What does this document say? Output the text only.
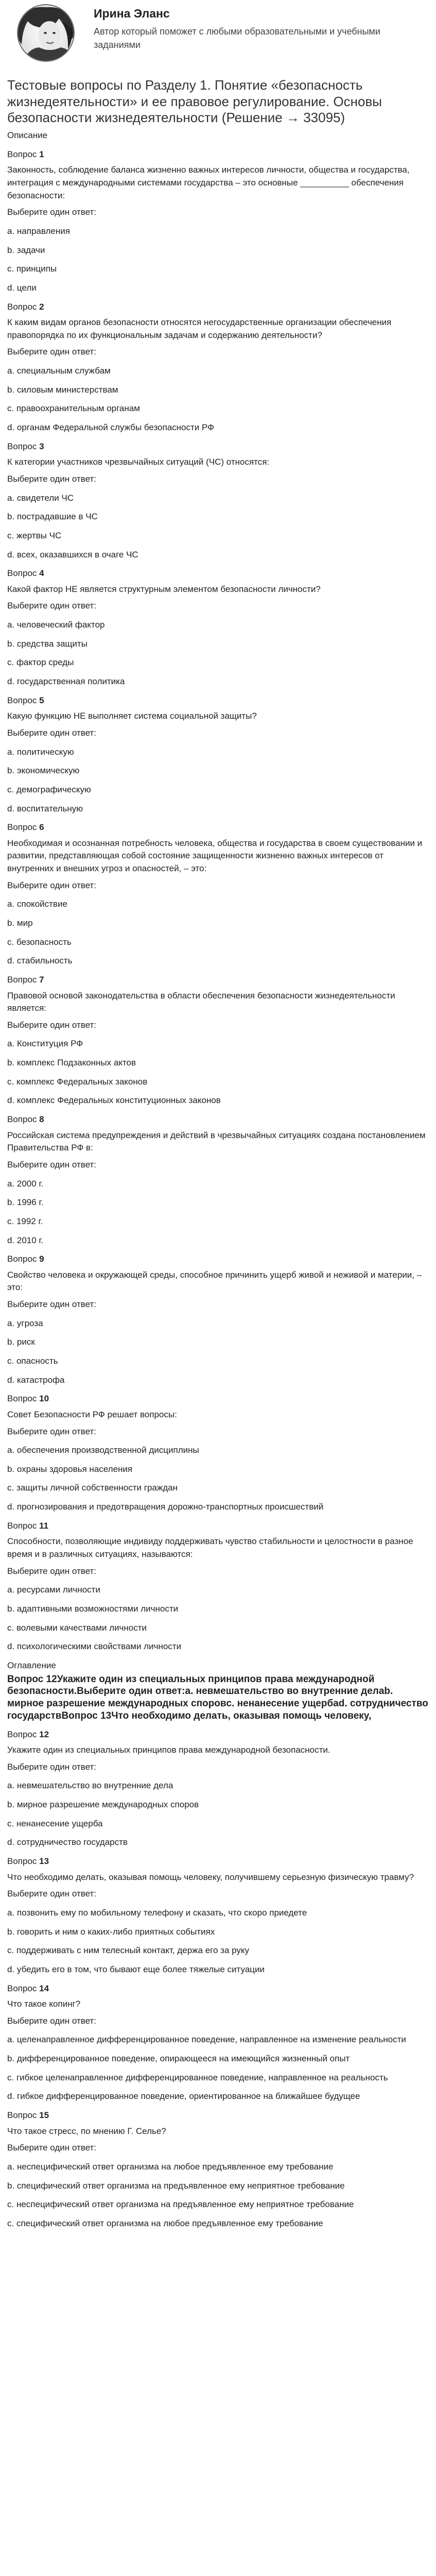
Ирина Эланс
Автор который поможет с любыми образовательными и учебными заданиями
Тестовые вопросы по Разделу 1. Понятие «безопасность жизнедеятельности» и ее правовое регулирование. Основы безопасности жизнедеятельности (Решение → 33095)
Описание
Вопрос 1
Законность, соблюдение баланса жизненно важных интересов личности, общества и государства, интеграция с международными системами государства – это основные __________ обеспечения безопасности:
Выберите один ответ:
a. направления
b. задачи
c. принципы
d. цели
Вопрос 2
К каким видам органов безопасности относятся негосударственные организации обеспечения правопорядка по их функциональным задачам и содержанию деятельности?
Выберите один ответ:
a. специальным службам
b. силовым министерствам
c. правоохранительным органам
d. органам Федеральной службы безопасности РФ
Вопрос 3
К категории участников чрезвычайных ситуаций (ЧС) относятся:
Выберите один ответ:
a. свидетели ЧС
b. пострадавшие в ЧС
c. жертвы ЧС
d. всех, оказавшихся в очаге ЧС
Вопрос 4
Какой фактор НЕ является структурным элементом безопасности личности?
Выберите один ответ:
a. человеческий фактор
b. средства защиты
c. фактор среды
d. государственная политика
Вопрос 5
Какую функцию НЕ выполняет система социальной защиты?
Выберите один ответ:
a. политическую
b. экономическую
c. демографическую
d. воспитательную
Вопрос 6
Необходимая и осознанная потребность человека, общества и государства в своем существовании и развитии, представляющая собой состояние защищенности жизненно важных интересов от внутренних и внешних угроз и опасностей, – это:
Выберите один ответ:
a. спокойствие
b. мир
c. безопасность
d. стабильность
Вопрос 7
Правовой основой законодательства в области обеспечения безопасности жизнедеятельности является:
Выберите один ответ:
a. Конституция РФ
b. комплекс Подзаконных актов
c. комплекс Федеральных законов
d. комплекс Федеральных конституционных законов
Вопрос 8
Российская система предупреждения и действий в чрезвычайных ситуациях создана постановлением Правительства РФ в:
Выберите один ответ:
a. 2000 г.
b. 1996 г.
c. 1992 г.
d. 2010 г.
Вопрос 9
Свойство человека и окружающей среды, способное причинить ущерб живой и неживой и материи, – это:
Выберите один ответ:
a. угроза
b. риск
c. опасность
d. катастрофа
Вопрос 10
Совет Безопасности РФ решает вопросы:
Выберите один ответ:
a. обеспечения производственной дисциплины
b. охраны здоровья населения
c. защиты личной собственности граждан
d. прогнозирования и предотвращения дорожно-транспортных происшествий
Вопрос 11
Способности, позволяющие индивиду поддерживать чувство стабильности и целостности в разное время и в различных ситуациях, называются:
Выберите один ответ:
a. ресурсами личности
b. адаптивными возможностями личности
c. волевыми качествами личности
d. психологическими свойствами личности
Оглавление
Вопрос 12Укажите один из специальных принципов права международной безопасности.Выберите один ответ:a. невмешательство во внутренние делаb. мирное разрешение международных споровc. ненанесение ущербаd. сотрудничество государствВопрос 13Что необходимо делать, оказывая помощь человеку,
Вопрос 12
Укажите один из специальных принципов права международной безопасности.
Выберите один ответ:
a. невмешательство во внутренние дела
b. мирное разрешение международных споров
c. ненанесение ущерба
d. сотрудничество государств
Вопрос 13
Что необходимо делать, оказывая помощь человеку, получившему серьезную физическую травму?
Выберите один ответ:
a. позвонить ему по мобильному телефону и сказать, что скоро приедете
b. говорить и ним о каких-либо приятных событиях
c. поддерживать с ним телесный контакт, держа его за руку
d. убедить его в том, что бывают еще более тяжелые ситуации
Вопрос 14
Что такое копинг?
Выберите один ответ:
a. целенаправленное дифференцированное поведение, направленное на изменение реальности
b. дифференцированное поведение, опирающееся на имеющийся жизненный опыт
c. гибкое целенаправленное дифференцированное поведение, направленное на реальность
d. гибкое дифференцированное поведение, ориентированное на ближайшее будущее
Вопрос 15
Что такое стресс, по мнению Г. Селье?
Выберите один ответ:
a. неспецифический ответ организма на любое предъявленное ему требование
b. специфический ответ организма на предъявленное ему неприятное требование
c. неспецифический ответ организма на предъявленное ему неприятное требование
c. специфический ответ организма на любое предъявленное ему требование
